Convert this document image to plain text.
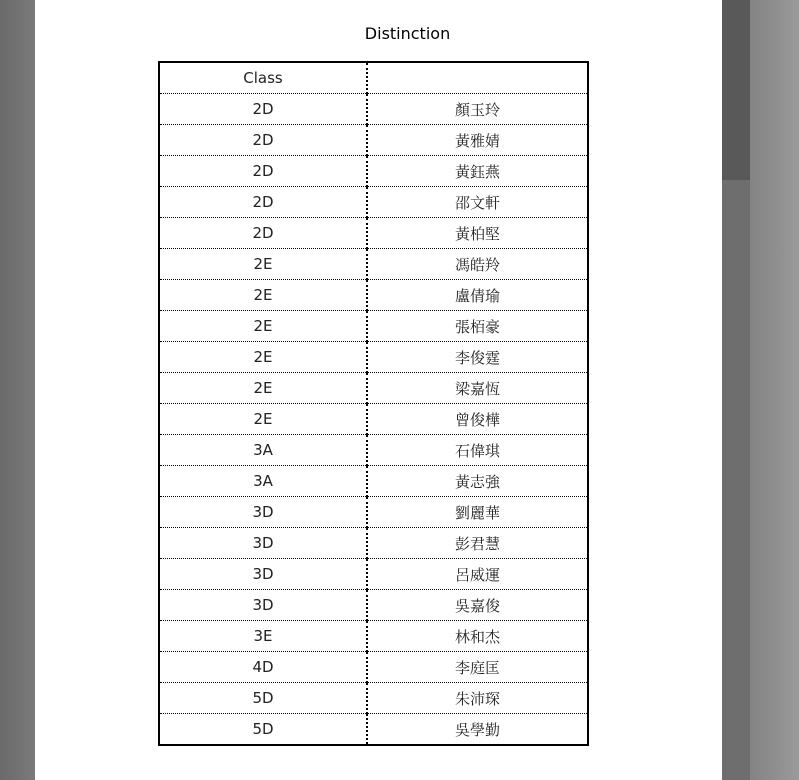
Distinction
Class	
2D	顏玉玲
2D	黃雅婧
2D	黃鈺燕
2D	邵文軒
2D	黃柏堅
2E	馮皓羚
2E	盧倩瑜
2E	張栢豪
2E	李俊霆
2E	梁嘉恆
2E	曾俊樺
3A	石偉琪
3A	黃志強
3D	劉麗華
3D	彭君慧
3D	呂威運
3D	吳嘉俊
3E	林和杰
4D	李庭匡
5D	朱沛琛
5D	吳學勤
